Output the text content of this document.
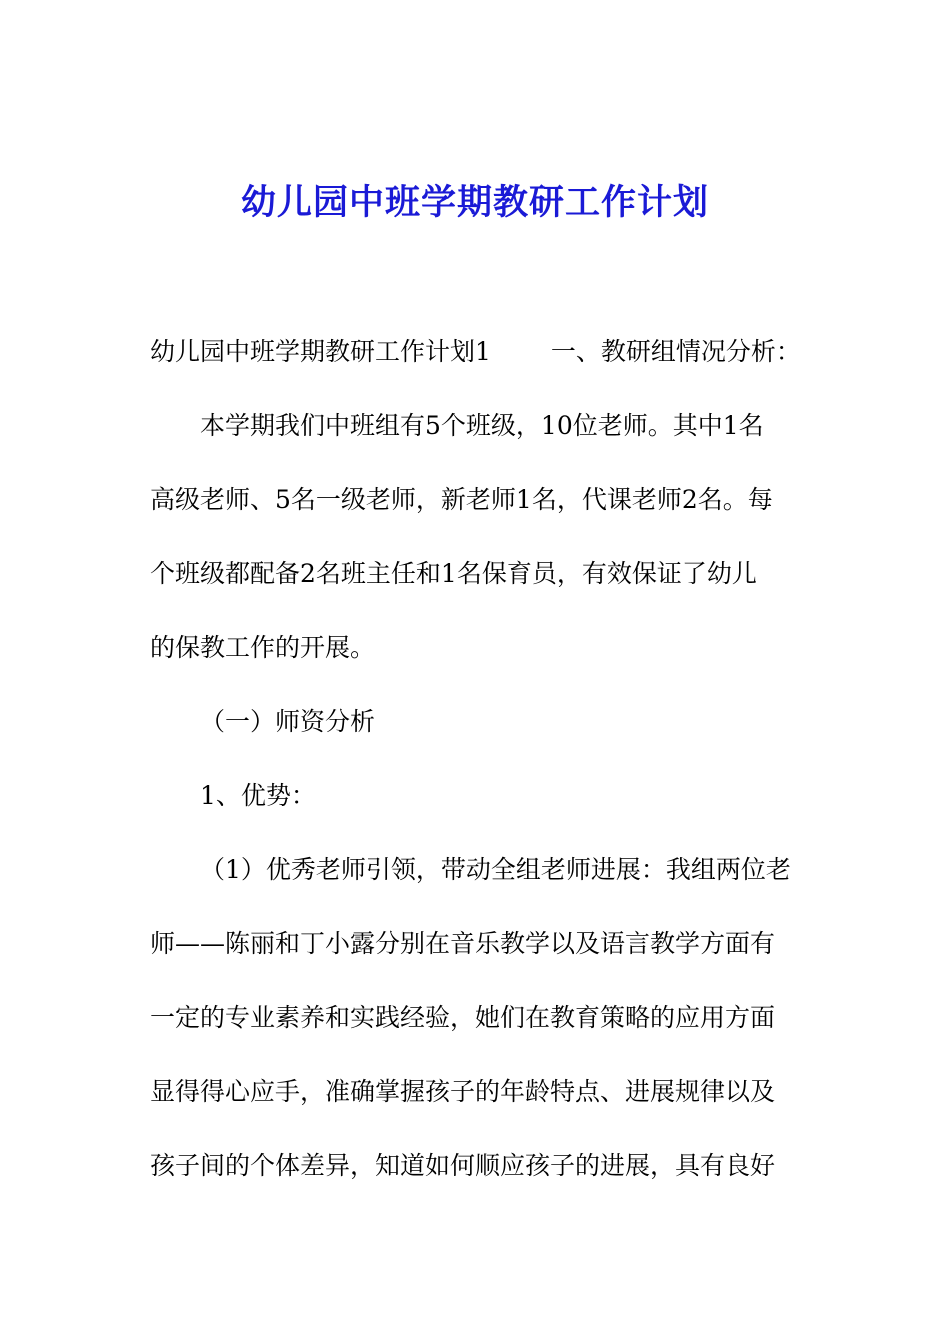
幼儿园中班学期教研工作计划
幼儿园中班学期教研工作计划1 一、教研组情况分析：
本学期我们中班组有5个班级，10位老师。其中1名
高级老师、5名一级老师，新老师1名，代课老师2名。每
个班级都配备2名班主任和1名保育员，有效保证了幼儿
的保教工作的开展。
（一）师资分析
1、优势：
（1）优秀老师引领，带动全组老师进展：我组两位老
师——陈丽和丁小露分别在音乐教学以及语言教学方面有
一定的专业素养和实践经验，她们在教育策略的应用方面
显得得心应手，准确掌握孩子的年龄特点、进展规律以及
孩子间的个体差异，知道如何顺应孩子的进展，具有良好
